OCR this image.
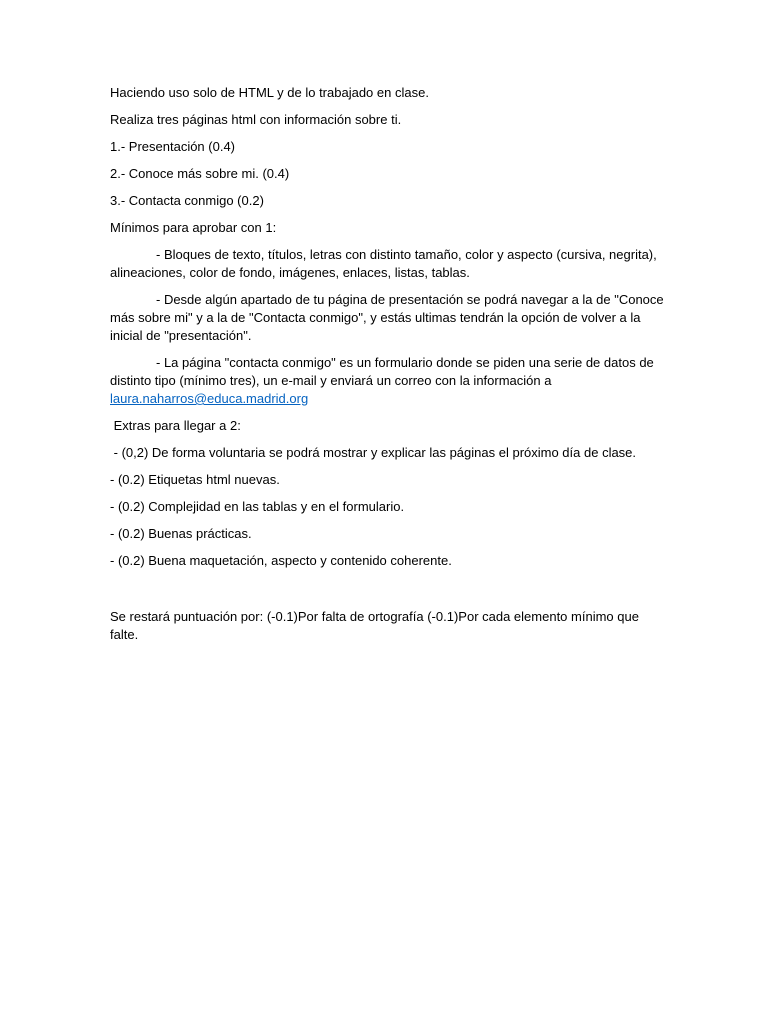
Haciendo uso solo de HTML y de lo trabajado en clase.

Realiza tres páginas html con información sobre ti.

1.- Presentación (0.4)

2.- Conoce más sobre mi. (0.4)

3.- Contacta conmigo (0.2)

Mínimos para aprobar con 1:

- Bloques de texto, títulos, letras con distinto tamaño, color y aspecto (cursiva, negrita), alineaciones, color de fondo, imágenes, enlaces, listas, tablas.

- Desde algún apartado de tu página de presentación se podrá navegar a la de "Conoce más sobre mi" y a la de "Contacta conmigo", y estás ultimas tendrán la opción de volver a la inicial de "presentación".

- La página "contacta conmigo" es un formulario donde se piden una serie de datos de distinto tipo (mínimo tres), un e-mail y enviará un correo con la información a laura.naharros@educa.madrid.org

Extras para llegar a 2:

- (0,2) De forma voluntaria se podrá mostrar y explicar las páginas el próximo día de clase.

- (0.2) Etiquetas html nuevas.

- (0.2) Complejidad en las tablas y en el formulario.

- (0.2) Buenas prácticas.

- (0.2) Buena maquetación, aspecto y contenido coherente.

Se restará puntuación por: (-0.1)Por falta de ortografía (-0.1)Por cada elemento mínimo que falte.
